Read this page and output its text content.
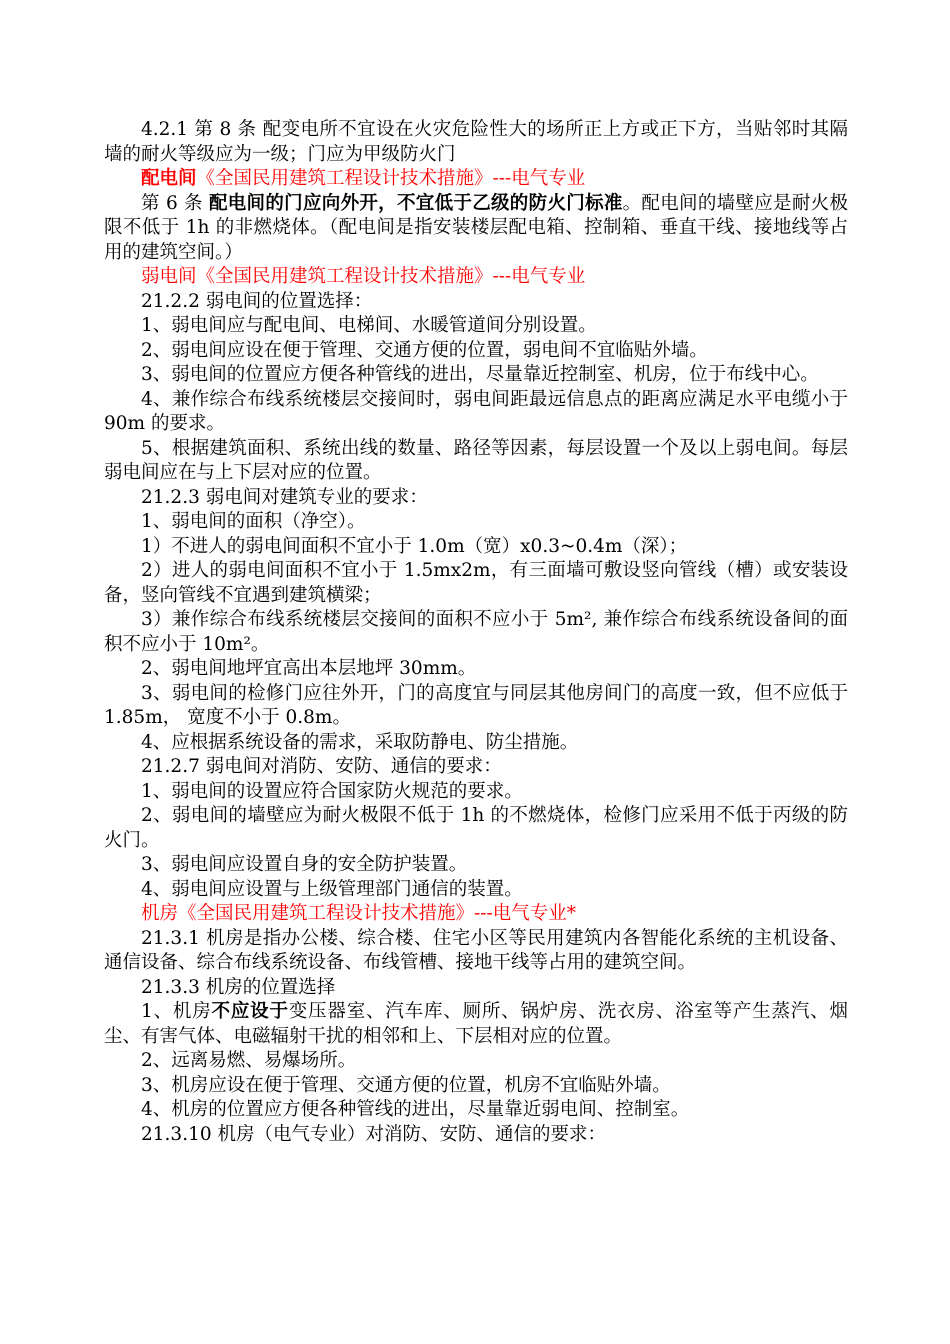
4.2.1 第 8 条 配变电所不宜设在火灾危险性大的场所正上方或正下方，当贴邻时其隔墙的耐火等级应为一级；门应为甲级防火门

配电间《全国民用建筑工程设计技术措施》---电气专业

第 6 条 配电间的门应向外开，不宜低于乙级的防火门标准。配电间的墙壁应是耐火极限不低于 1h 的非燃烧体。（配电间是指安装楼层配电箱、控制箱、垂直干线、接地线等占用的建筑空间。）

弱电间《全国民用建筑工程设计技术措施》---电气专业

21.2.2 弱电间的位置选择：

1、弱电间应与配电间、电梯间、水暖管道间分别设置。

2、弱电间应设在便于管理、交通方便的位置，弱电间不宜临贴外墙。

3、弱电间的位置应方便各种管线的进出，尽量靠近控制室、机房，位于布线中心。

4、兼作综合布线系统楼层交接间时，弱电间距最远信息点的距离应满足水平电缆小于 90m 的要求。

5、根据建筑面积、系统出线的数量、路径等因素，每层设置一个及以上弱电间。每层弱电间应在与上下层对应的位置。

21.2.3 弱电间对建筑专业的要求：

1、弱电间的面积（净空）。

1）不进人的弱电间面积不宜小于 1.0m（宽）x0.3~0.4m（深）；

2）进人的弱电间面积不宜小于 1.5mx2m，有三面墙可敷设竖向管线（槽）或安装设备，竖向管线不宜遇到建筑横梁；

3）兼作综合布线系统楼层交接间的面积不应小于 5m², 兼作综合布线系统设备间的面积不应小于 10m²。

2、弱电间地坪宜高出本层地坪 30mm。

3、弱电间的检修门应往外开，门的高度宜与同层其他房间门的高度一致，但不应低于 1.85m， 宽度不小于 0.8m。

4、应根据系统设备的需求，采取防静电、防尘措施。

21.2.7 弱电间对消防、安防、通信的要求：

1、弱电间的设置应符合国家防火规范的要求。

2、弱电间的墙壁应为耐火极限不低于 1h 的不燃烧体，检修门应采用不低于丙级的防火门。

3、弱电间应设置自身的安全防护装置。

4、弱电间应设置与上级管理部门通信的装置。

机房《全国民用建筑工程设计技术措施》---电气专业*

21.3.1 机房是指办公楼、综合楼、住宅小区等民用建筑内各智能化系统的主机设备、通信设备、综合布线系统设备、布线管槽、接地干线等占用的建筑空间。

21.3.3 机房的位置选择

1、机房不应设于变压器室、汽车库、厕所、锅炉房、洗衣房、浴室等产生蒸汽、烟尘、有害气体、电磁辐射干扰的相邻和上、下层相对应的位置。

2、远离易燃、易爆场所。

3、机房应设在便于管理、交通方便的位置，机房不宜临贴外墙。

4、机房的位置应方便各种管线的进出，尽量靠近弱电间、控制室。

21.3.10 机房（电气专业）对消防、安防、通信的要求：
